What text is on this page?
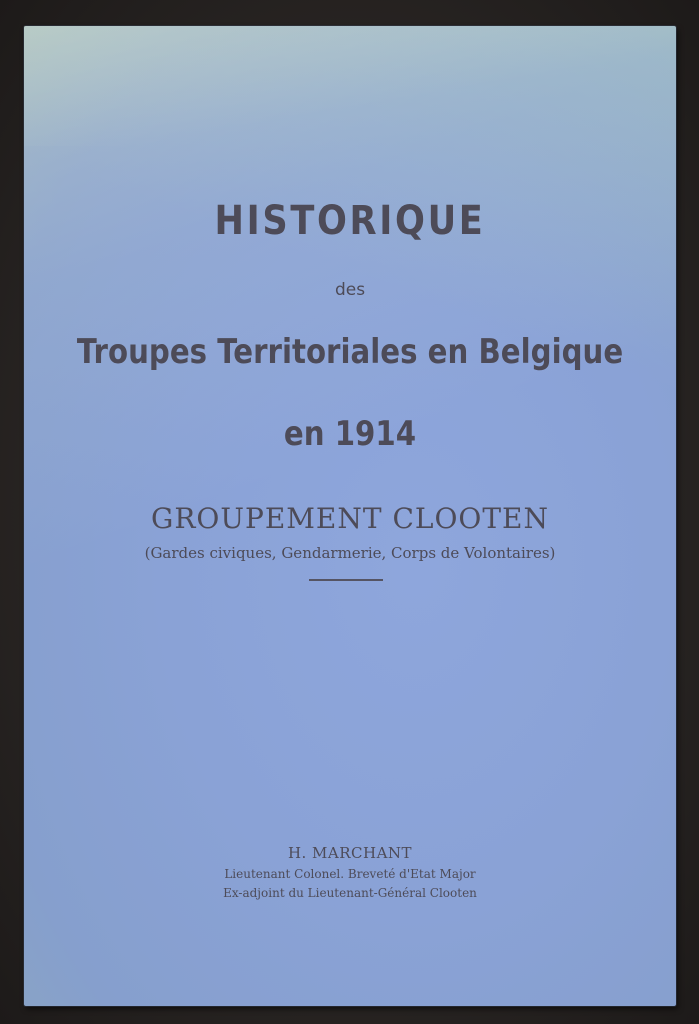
HISTORIQUE
des
Troupes Territoriales en Belgique
en 1914
GROUPEMENT CLOOTEN
(Gardes civiques, Gendarmerie, Corps de Volontaires)
H. MARCHANT
Lieutenant Colonel. Breveté d'Etat Major
Ex-adjoint du Lieutenant-Général Clooten
